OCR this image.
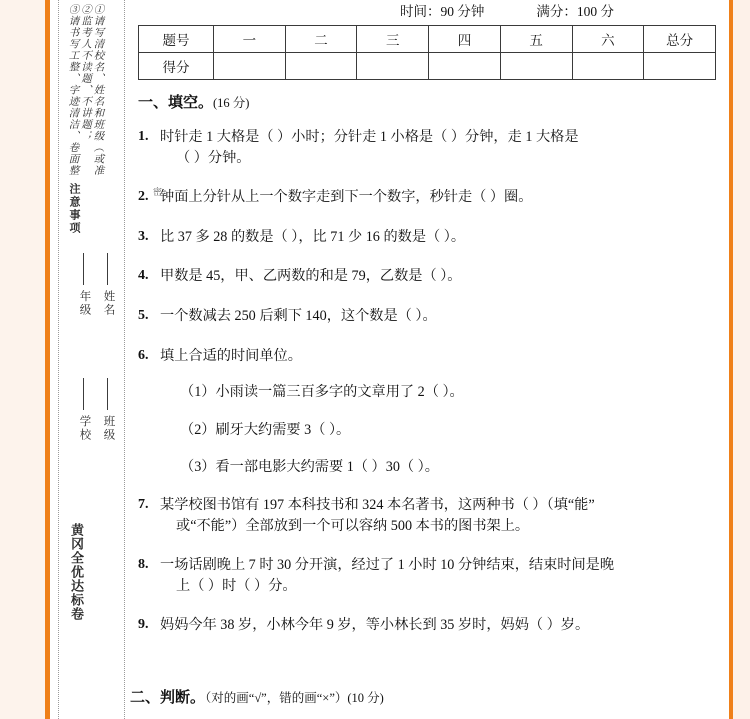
①请写清校名、姓名和班级（或准
②监考人不读题、不讲题；
③请书写工整、字迹清洁、卷面整
注意事项	密
年级 姓名
学校 班级
黄冈全优达标卷
时间：90 分钟	满分：100 分
题号	一	二	三	四	五	六	总分
得分							
一、填空。(16 分)
1. 时针走 1 大格是（ ）小时；分针走 1 小格是（ ）分钟，走 1 大格是
（ ）分钟。
2. 钟面上分针从上一个数字走到下一个数字，秒针走（ ）圈。
3. 比 37 多 28 的数是（ ），比 71 少 16 的数是（ ）。
4. 甲数是 45，甲、乙两数的和是 79，乙数是（ ）。
5. 一个数减去 250 后剩下 140，这个数是（ ）。
6. 填上合适的时间单位。
（1）小雨读一篇三百多字的文章用了 2（ ）。
（2）刷牙大约需要 3（ ）。
（3）看一部电影大约需要 1（ ）30（ ）。
7. 某学校图书馆有 197 本科技书和 324 本名著书，这两种书（ ）（填“能”
或“不能”）全部放到一个可以容纳 500 本书的图书架上。
8. 一场话剧晚上 7 时 30 分开演，经过了 1 小时 10 分钟结束，结束时间是晚
上（ ）时（ ）分。
9. 妈妈今年 38 岁，小林今年 9 岁，等小林长到 35 岁时，妈妈（ ）岁。
二、判断。（对的画“√”，错的画“×”）(10 分)
